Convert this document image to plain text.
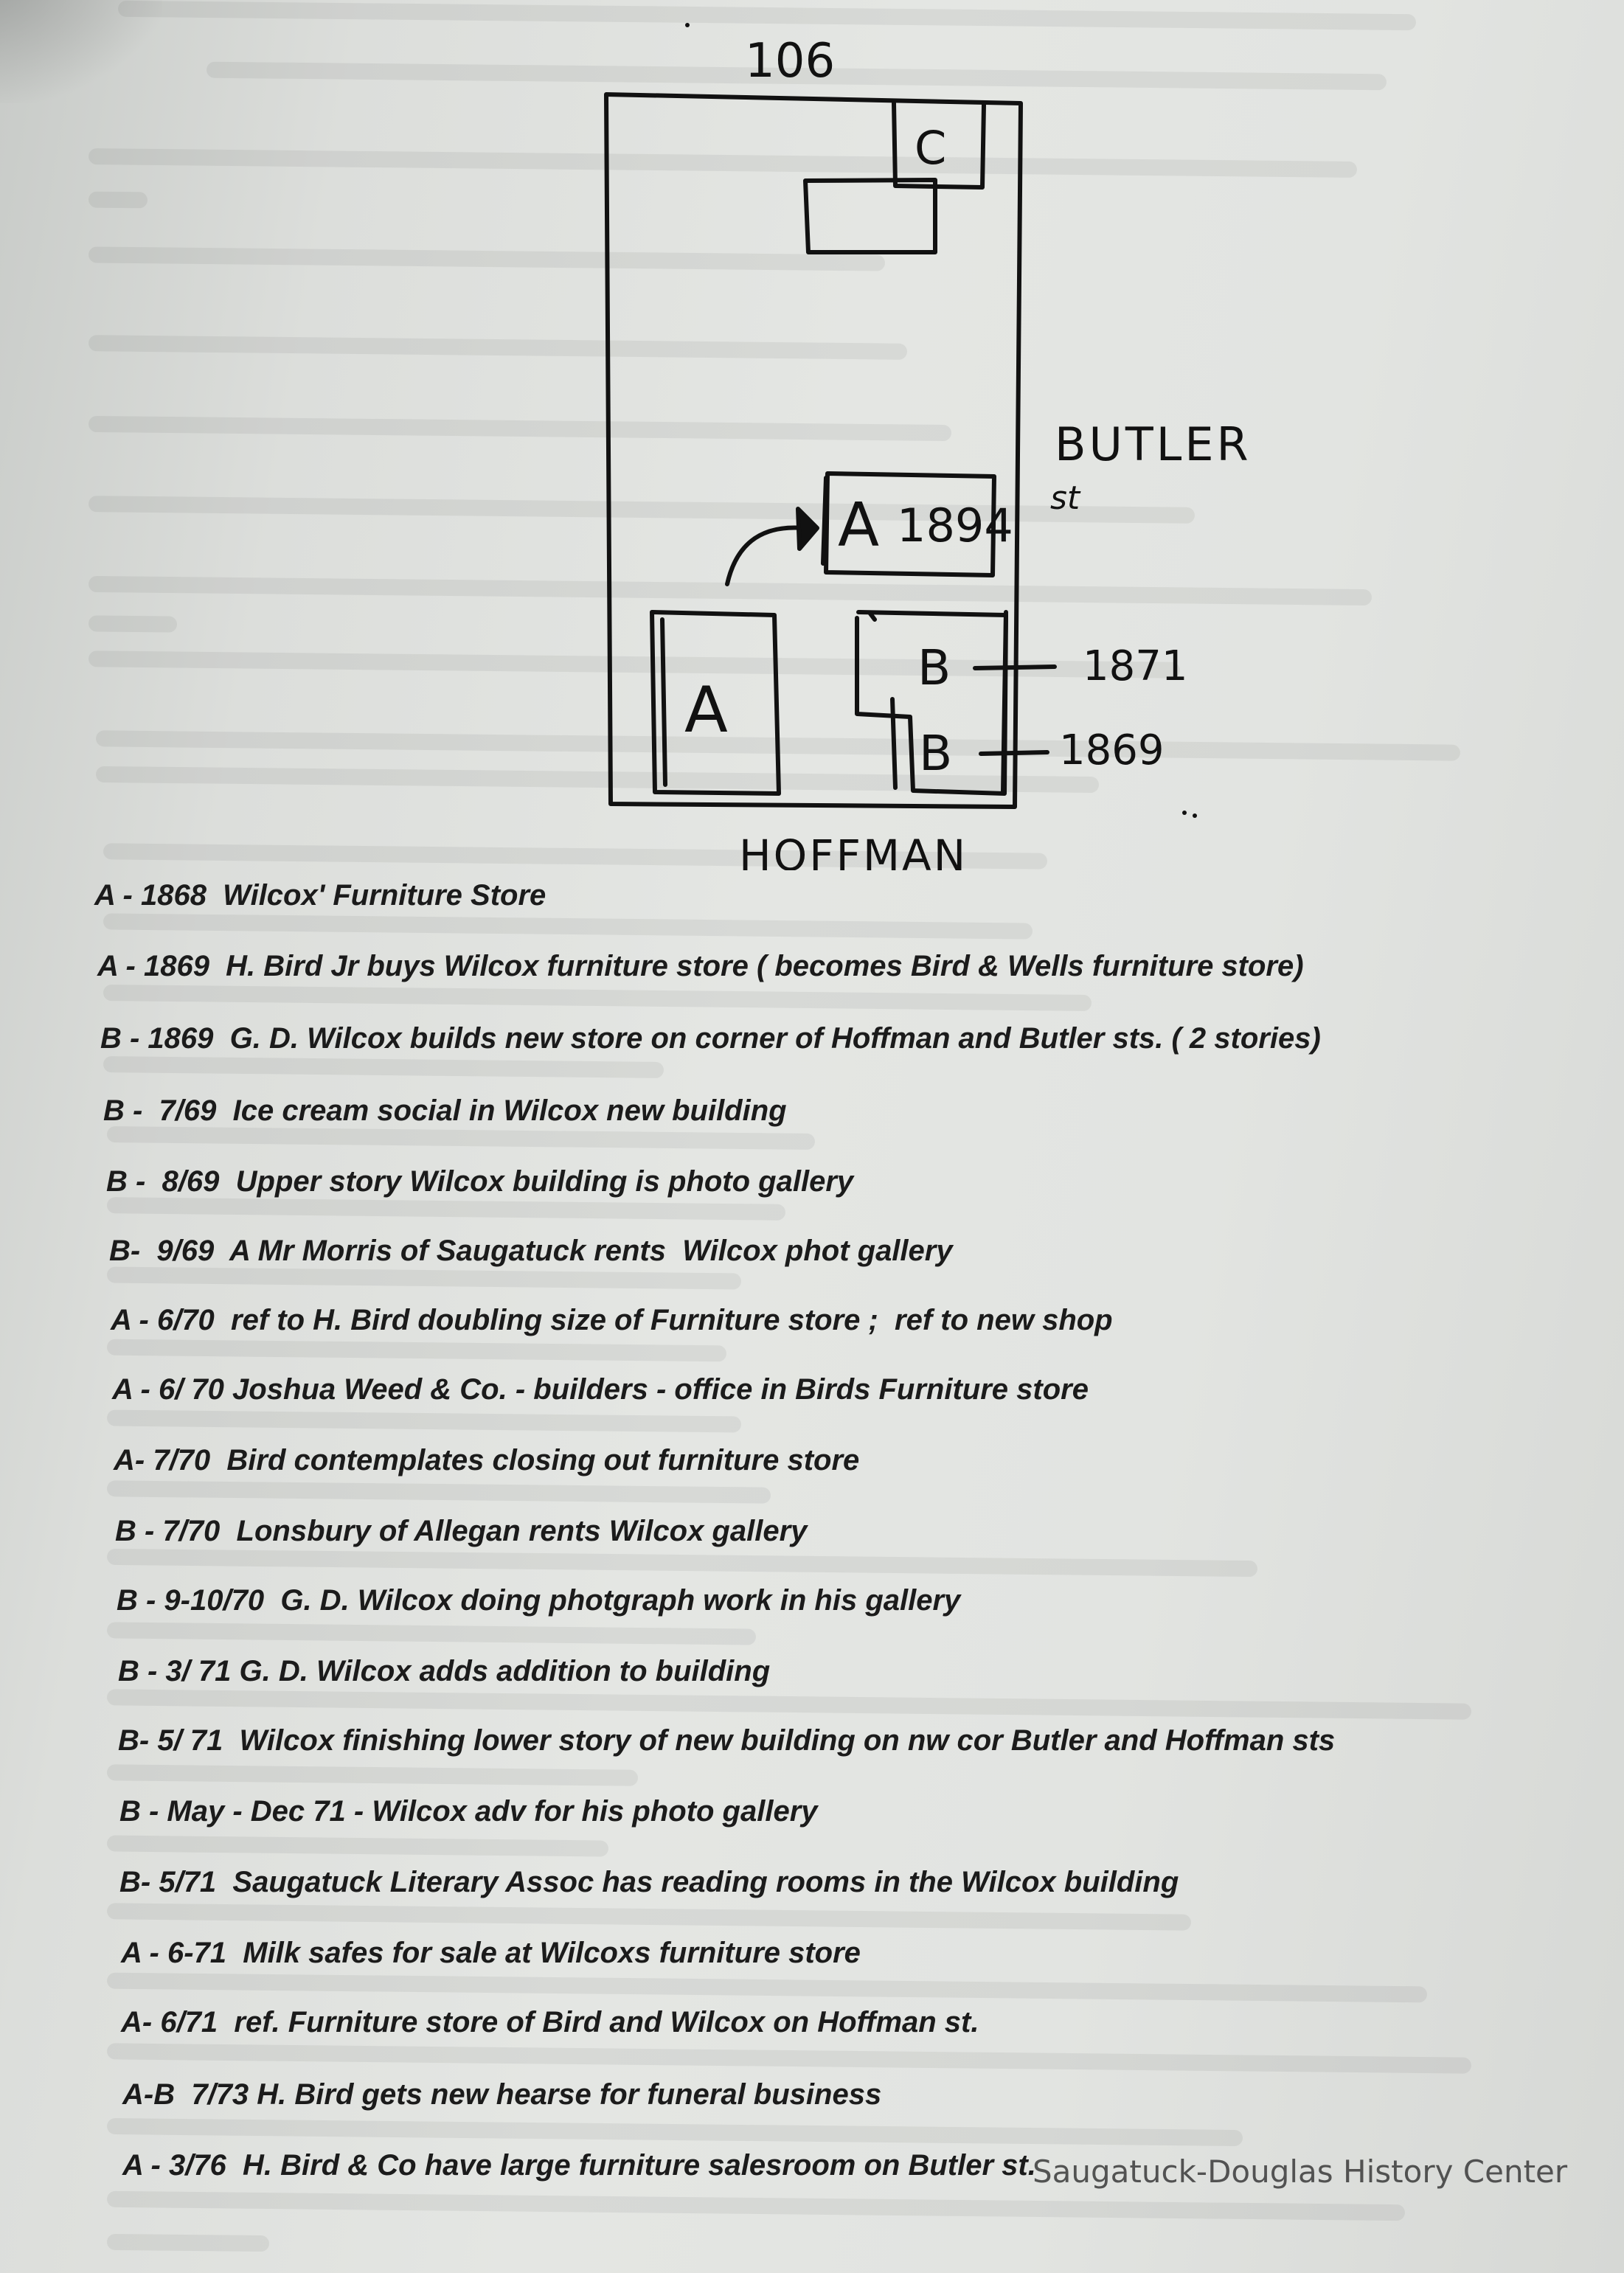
106
C
BUTLER
st
A 1894
A
B
B
1871
1869
HOFFMAN
A - 1868 Wilcox' Furniture Store
A - 1869 H. Bird Jr buys Wilcox furniture store ( becomes Bird & Wells furniture store)
B - 1869 G. D. Wilcox builds new store on corner of Hoffman and Butler sts. ( 2 stories)
B -  7/69 Ice cream social in Wilcox new building
B -  8/69 Upper story Wilcox building is photo gallery
B-  9/69 A Mr Morris of Saugatuck rents  Wilcox phot gallery
A - 6/70 ref to H. Bird doubling size of Furniture store ;  ref to new shop
A - 6/ 70 Joshua Weed & Co. - builders - office in Birds Furniture store
A- 7/70 Bird contemplates closing out furniture store
B - 7/70 Lonsbury of Allegan rents Wilcox gallery
B - 9-10/70 G. D. Wilcox doing photgraph work in his gallery
B - 3/ 71 G. D. Wilcox adds addition to building
B- 5/ 71 Wilcox finishing lower story of new building on nw cor Butler and Hoffman sts
B - May - Dec 71 - Wilcox adv for his photo gallery
B- 5/71 Saugatuck Literary Assoc has reading rooms in the Wilcox building
A - 6-71 Milk safes for sale at Wilcoxs furniture store
A- 6/71 ref. Furniture store of Bird and Wilcox on Hoffman st.
A-B  7/73 H. Bird gets new hearse for funeral business
A - 3/76 H. Bird & Co have large furniture salesroom on Butler st.
Saugatuck-Douglas History Center
